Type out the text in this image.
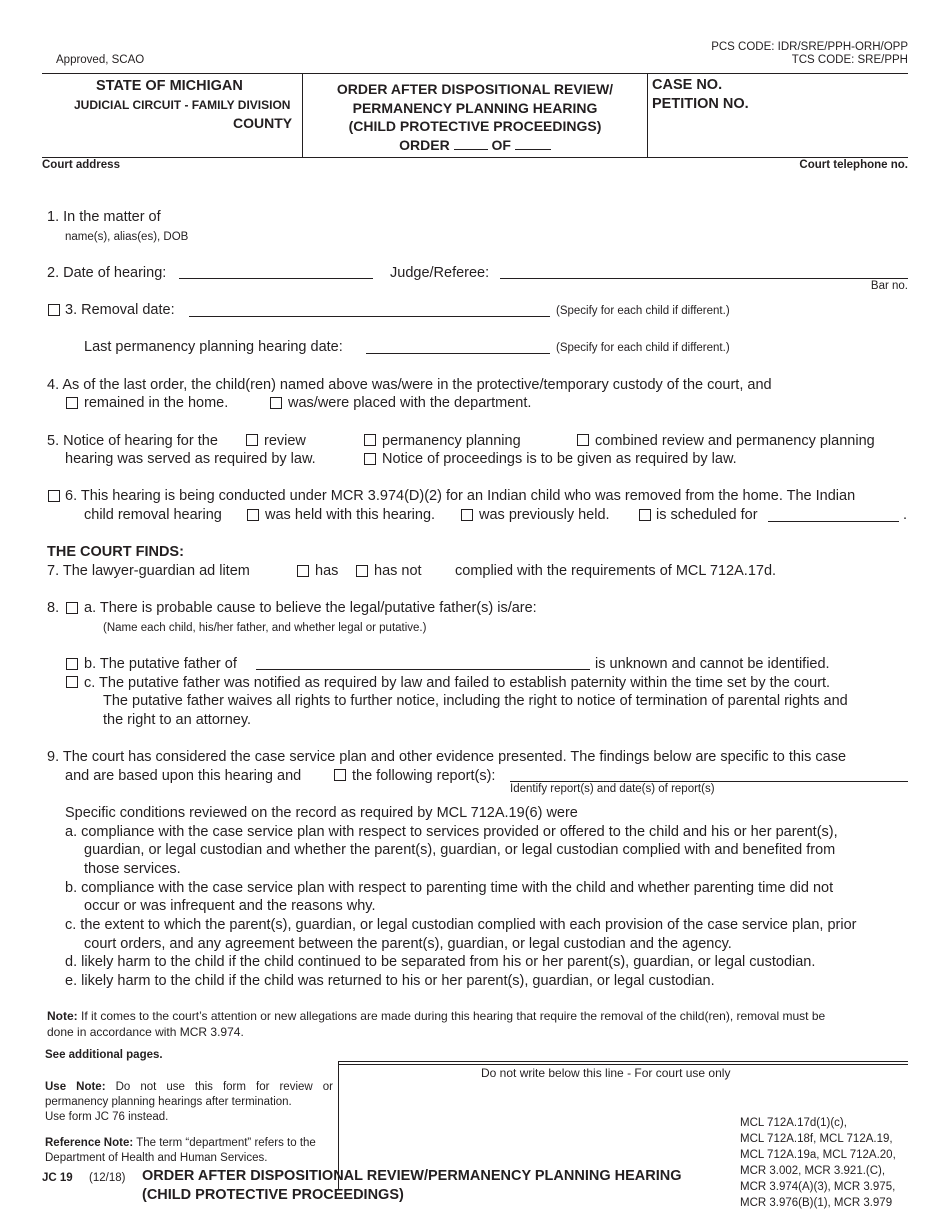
Approved, SCAO
PCS CODE: IDR/SRE/PPH-ORH/OPP
TCS CODE: SRE/PPH
STATE OF MICHIGAN
JUDICIAL CIRCUIT - FAMILY DIVISION
COUNTY
ORDER AFTER DISPOSITIONAL REVIEW/
PERMANENCY PLANNING HEARING
(CHILD PROTECTIVE PROCEEDINGS)
ORDER	OF
CASE NO.
PETITION NO.
Court address	Court telephone no.
1. In the matter of
name(s), alias(es), DOB
2. Date of hearing:	Judge/Referee:
Bar no.
3. Removal date:	(Specify for each child if different.)
Last permanency planning hearing date:	(Specify for each child if different.)
4. As of the last order, the child(ren) named above was/were in the protective/temporary custody of the court, and
remained in the home.	was/were placed with the department.
5. Notice of hearing for the	review	permanency planning	combined review and permanency planning
hearing was served as required by law.	Notice of proceedings is to be given as required by law.
6. This hearing is being conducted under MCR 3.974(D)(2) for an Indian child who was removed from the home. The Indian
child removal hearing	was held with this hearing.	was previously held.	is scheduled for	.
THE COURT FINDS:
7. The lawyer-guardian ad litem	has has not complied with the requirements of MCL 712A.17d.
8. a. There is probable cause to believe the legal/putative father(s) is/are:
(Name each child, his/her father, and whether legal or putative.)
b. The putative father of	is unknown and cannot be identified.
c. The putative father was notified as required by law and failed to establish paternity within the time set by the court.
The putative father waives all rights to further notice, including the right to notice of termination of parental rights and
the right to an attorney.
9. The court has considered the case service plan and other evidence presented. The findings below are specific to this case
and are based upon this hearing and	the following report(s):
Identify report(s) and date(s) of report(s)
Specific conditions reviewed on the record as required by MCL 712A.19(6) were
a. compliance with the case service plan with respect to services provided or offered to the child and his or her parent(s),
guardian, or legal custodian and whether the parent(s), guardian, or legal custodian complied with and benefited from
those services.
b. compliance with the case service plan with respect to parenting time with the child and whether parenting time did not
occur or was infrequent and the reasons why.
c. the extent to which the parent(s), guardian, or legal custodian complied with each provision of the case service plan, prior
court orders, and any agreement between the parent(s), guardian, or legal custodian and the agency.
d. likely harm to the child if the child continued to be separated from his or her parent(s), guardian, or legal custodian.
e. likely harm to the child if the child was returned to his or her parent(s), guardian, or legal custodian.
Note: If it comes to the court’s attention or new allegations are made during this hearing that require the removal of the child(ren), removal must be
done in accordance with MCR 3.974.
See additional pages.
Do not write below this line - For court use only
Use Note: Do not use this form for review or
permanency planning hearings after termination.
Use form JC 76 instead.
Reference Note: The term “department” refers to the
Department of Health and Human Services.
JC 19 (12/18) ORDER AFTER DISPOSITIONAL REVIEW/PERMANENCY PLANNING HEARING
(CHILD PROTECTIVE PROCEEDINGS)
MCL 712A.17d(1)(c),
MCL 712A.18f, MCL 712A.19,
MCL 712A.19a, MCL 712A.20,
MCR 3.002, MCR 3.921.(C),
MCR 3.974(A)(3), MCR 3.975,
MCR 3.976(B)(1), MCR 3.979
